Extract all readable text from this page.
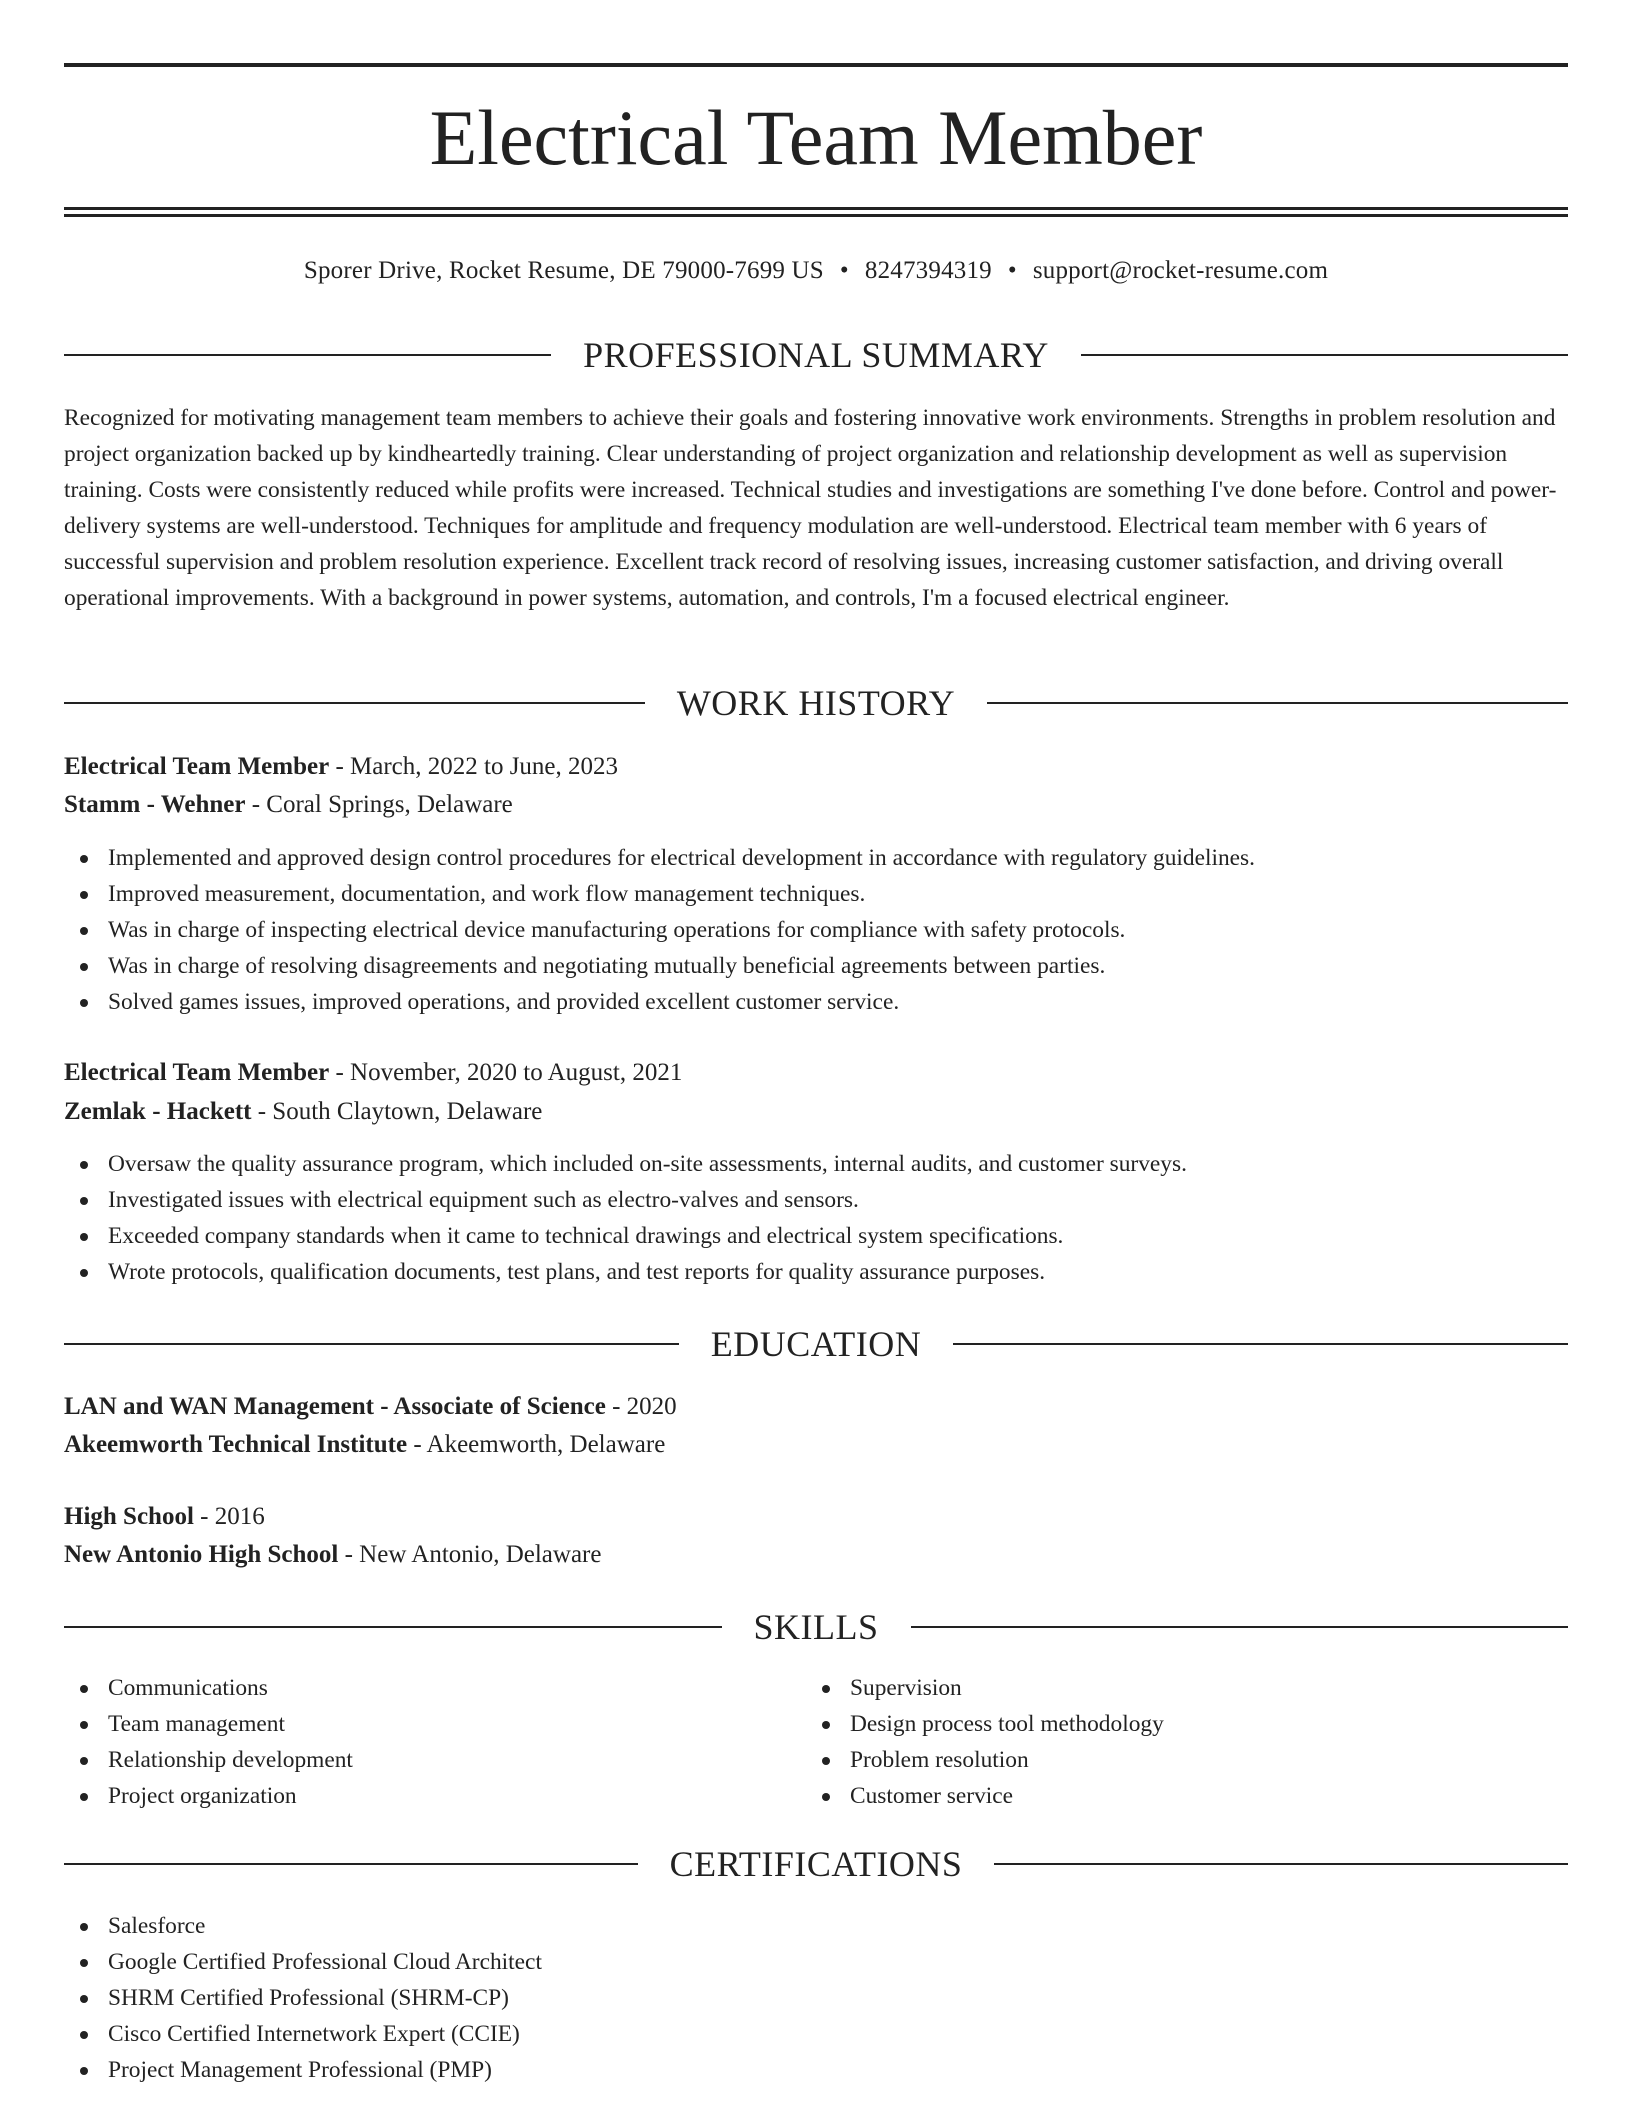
Electrical Team Member
Sporer Drive, Rocket Resume, DE 79000-7699 US • 8247394319 • support@rocket-resume.com
PROFESSIONAL SUMMARY

Recognized for motivating management team members to achieve their goals and fostering innovative work environments. Strengths in problem resolution and project organization backed up by kindheartedly training. Clear understanding of project organization and relationship development as well as supervision training. Costs were consistently reduced while profits were increased. Technical studies and investigations are something I've done before. Control and power-delivery systems are well-understood. Techniques for amplitude and frequency modulation are well-understood. Electrical team member with 6 years of successful supervision and problem resolution experience. Excellent track record of resolving issues, increasing customer satisfaction, and driving overall operational improvements. With a background in power systems, automation, and controls, I'm a focused electrical engineer.

WORK HISTORY
Electrical Team Member - March, 2022 to June, 2023
Stamm - Wehner - Coral Springs, Delaware
Implemented and approved design control procedures for electrical development in accordance with regulatory guidelines.
Improved measurement, documentation, and work flow management techniques.
Was in charge of inspecting electrical device manufacturing operations for compliance with safety protocols.
Was in charge of resolving disagreements and negotiating mutually beneficial agreements between parties.
Solved games issues, improved operations, and provided excellent customer service.
Electrical Team Member - November, 2020 to August, 2021
Zemlak - Hackett - South Claytown, Delaware
Oversaw the quality assurance program, which included on-site assessments, internal audits, and customer surveys.
Investigated issues with electrical equipment such as electro-valves and sensors.
Exceeded company standards when it came to technical drawings and electrical system specifications.
Wrote protocols, qualification documents, test plans, and test reports for quality assurance purposes.
EDUCATION
LAN and WAN Management - Associate of Science - 2020
Akeemworth Technical Institute - Akeemworth, Delaware
High School - 2016
New Antonio High School - New Antonio, Delaware
SKILLS
Communications
Team management
Relationship development
Project organization
Supervision
Design process tool methodology
Problem resolution
Customer service
CERTIFICATIONS
Salesforce
Google Certified Professional Cloud Architect
SHRM Certified Professional (SHRM-CP)
Cisco Certified Internetwork Expert (CCIE)
Project Management Professional (PMP)
